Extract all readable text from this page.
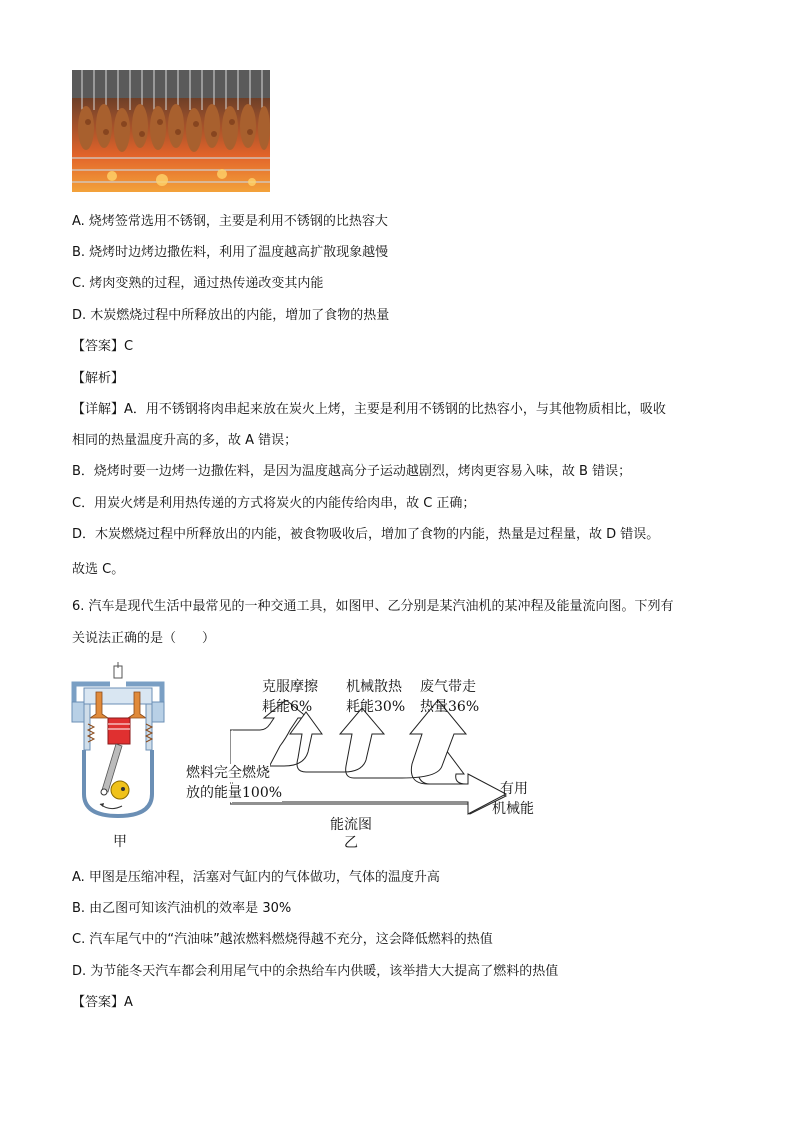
A. 烧烤签常选用不锈钢，主要是利用不锈钢的比热容大
B. 烧烤时边烤边撒佐料，利用了温度越高扩散现象越慢
C. 烤肉变熟的过程，通过热传递改变其内能
D. 木炭燃烧过程中所释放出的内能，增加了食物的热量
【答案】C
【解析】
【详解】A．用不锈钢将肉串起来放在炭火上烤，主要是利用不锈钢的比热容小，与其他物质相比，吸收
相同的热量温度升高的多，故 A 错误；
B．烧烤时要一边烤一边撒佐料，是因为温度越高分子运动越剧烈，烤肉更容易入味，故 B 错误；
C．用炭火烤是利用热传递的方式将炭火的内能传给肉串，故 C 正确；
D．木炭燃烧过程中所释放出的内能，被食物吸收后，增加了食物的内能，热量是过程量，故 D 错误。
故选 C。
6. 汽车是现代生活中最常见的一种交通工具，如图甲、乙分别是某汽油机的某冲程及能量流向图。下列有
关说法正确的是（　　）
甲
克服摩擦
耗能6%
机械散热
耗能30%
废气带走
热量36%
燃料完全燃烧
放的能量100%	有用
机械能
能流图
乙
A. 甲图是压缩冲程，活塞对气缸内的气体做功，气体的温度升高
B. 由乙图可知该汽油机的效率是 30%
C. 汽车尾气中的“汽油味”越浓燃料燃烧得越不充分，这会降低燃料的热值
D. 为节能冬天汽车都会利用尾气中的余热给车内供暖，该举措大大提高了燃料的热值
【答案】A
